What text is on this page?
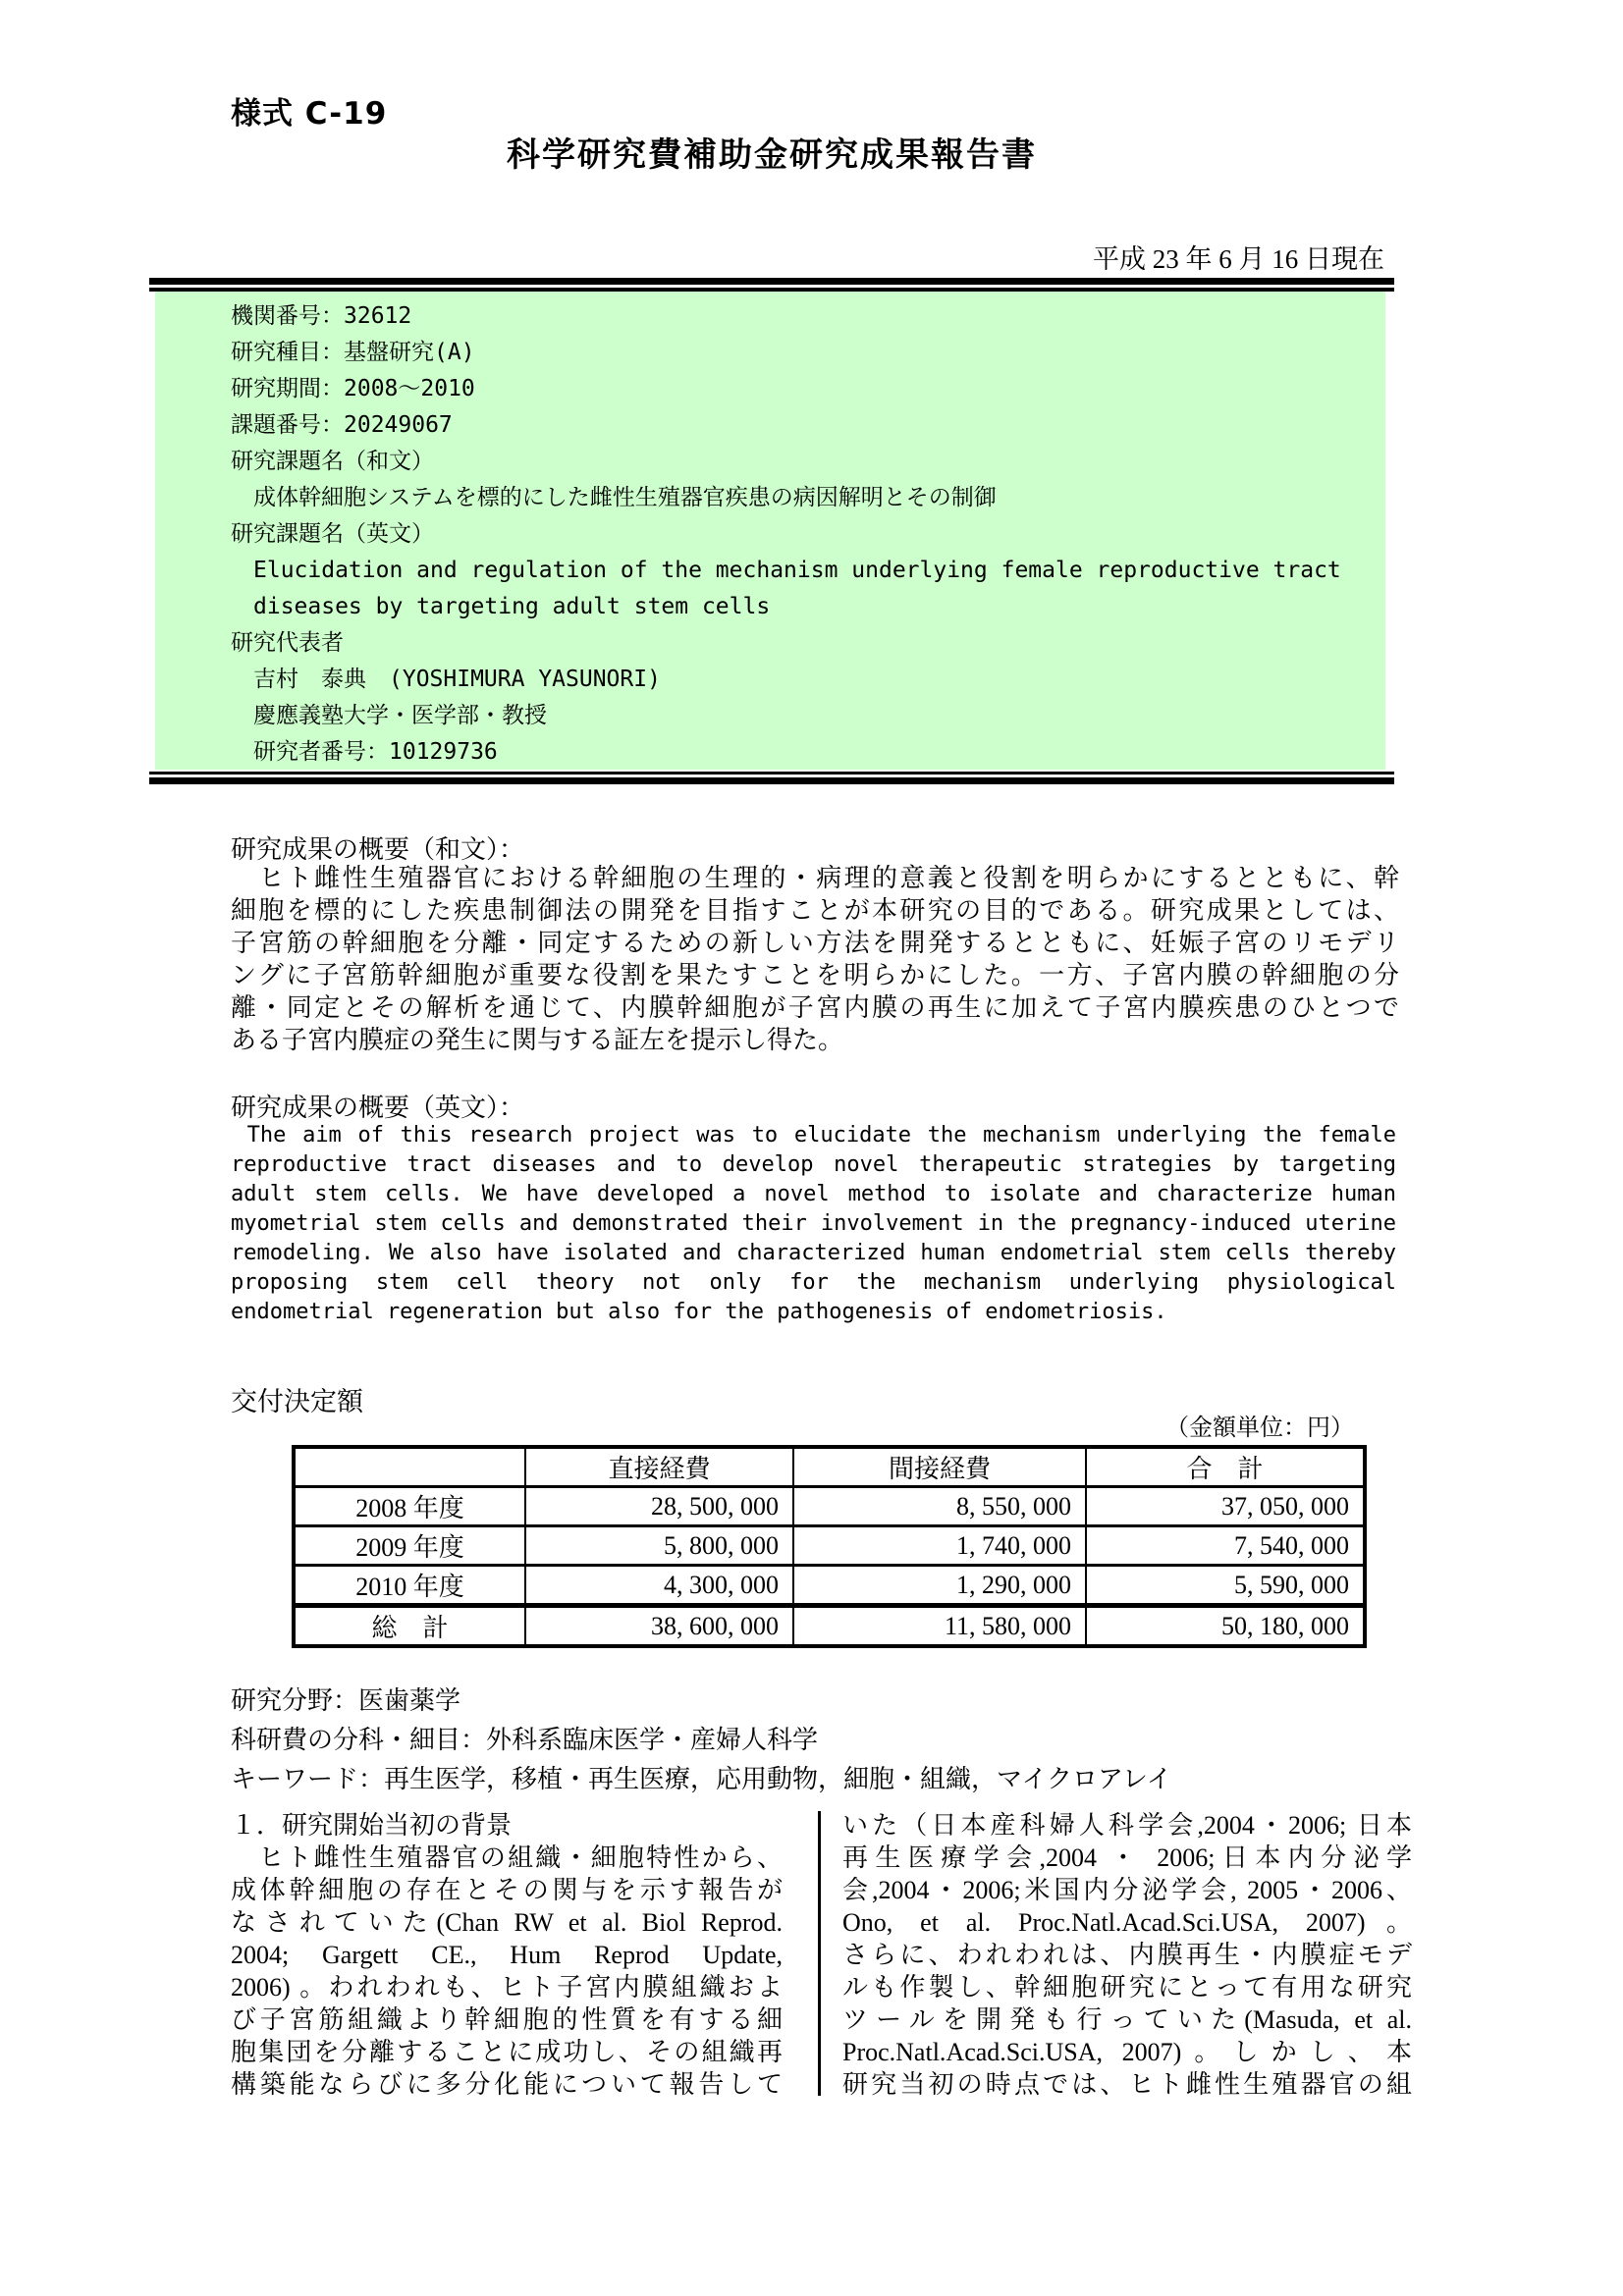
様式 C-19
科学研究費補助金研究成果報告書
平成 23 年 6 月 16 日現在
機関番号：32612
研究種目：基盤研究(A)
研究期間：2008～2010
課題番号：20249067
研究課題名（和文）
　成体幹細胞システムを標的にした雌性生殖器官疾患の病因解明とその制御
研究課題名（英文）
　Elucidation and regulation of the mechanism underlying female reproductive tract
　diseases by targeting adult stem cells
研究代表者
　吉村　泰典　(YOSHIMURA YASUNORI)
　慶應義塾大学・医学部・教授
　研究者番号：10129736
研究成果の概要（和文）：
　ヒト雌性生殖器官における幹細胞の生理的・病理的意義と役割を明らかにするとともに、幹
細胞を標的にした疾患制御法の開発を目指すことが本研究の目的である。研究成果としては、
子宮筋の幹細胞を分離・同定するための新しい方法を開発するとともに、妊娠子宮のリモデリ
ングに子宮筋幹細胞が重要な役割を果たすことを明らかにした。一方、子宮内膜の幹細胞の分
離・同定とその解析を通じて、内膜幹細胞が子宮内膜の再生に加えて子宮内膜疾患のひとつで
ある子宮内膜症の発生に関与する証左を提示し得た。
研究成果の概要（英文）：
The aim of this research project was to elucidate the mechanism underlying the female
reproductive tract diseases and to develop novel therapeutic strategies by targeting
adult stem cells. We have developed a novel method to isolate and characterize human
myometrial stem cells and demonstrated their involvement in the pregnancy-induced uterine
remodeling. We also have isolated and characterized human endometrial stem cells thereby
proposing stem cell theory not only for the mechanism underlying physiological
endometrial regeneration but also for the pathogenesis of endometriosis.
交付決定額
（金額単位：円）
	直接経費	間接経費	合　計
2008 年度	28, 500, 000	8, 550, 000	37, 050, 000
2009 年度	5, 800, 000	1, 740, 000	7, 540, 000
2010 年度	4, 300, 000	1, 290, 000	5, 590, 000
総　計	38, 600, 000	11, 580, 000	50, 180, 000
研究分野：医歯薬学
科研費の分科・細目：外科系臨床医学・産婦人科学
キーワード：再生医学，移植・再生医療，応用動物，細胞・組織，マイクロアレイ
１．研究開始当初の背景
　ヒト雌性生殖器官の組織・細胞特性から、
成体幹細胞の存在とその関与を示す報告が
なされていた(Chan RW et al. Biol Reprod.
2004; Gargett CE., Hum Reprod Update,
2006) 。われわれも、ヒト子宮内膜組織およ
び子宮筋組織より幹細胞的性質を有する細
胞集団を分離することに成功し、その組織再
構築能ならびに多分化能について報告して
いた（日本産科婦人科学会,2004・2006; 日本
再生医療学会,2004 ・ 2006;日本内分泌学
会,2004・2006;米国内分泌学会, 2005・2006、
Ono, et al. Proc.Natl.Acad.Sci.USA, 2007)。
さらに、われわれは、内膜再生・内膜症モデ
ルも作製し、幹細胞研究にとって有用な研究
ツールを開発も行っていた(Masuda, et al.
Proc.Natl.Acad.Sci.USA, 2007)。しかし、本
研究当初の時点では、ヒト雌性生殖器官の組
